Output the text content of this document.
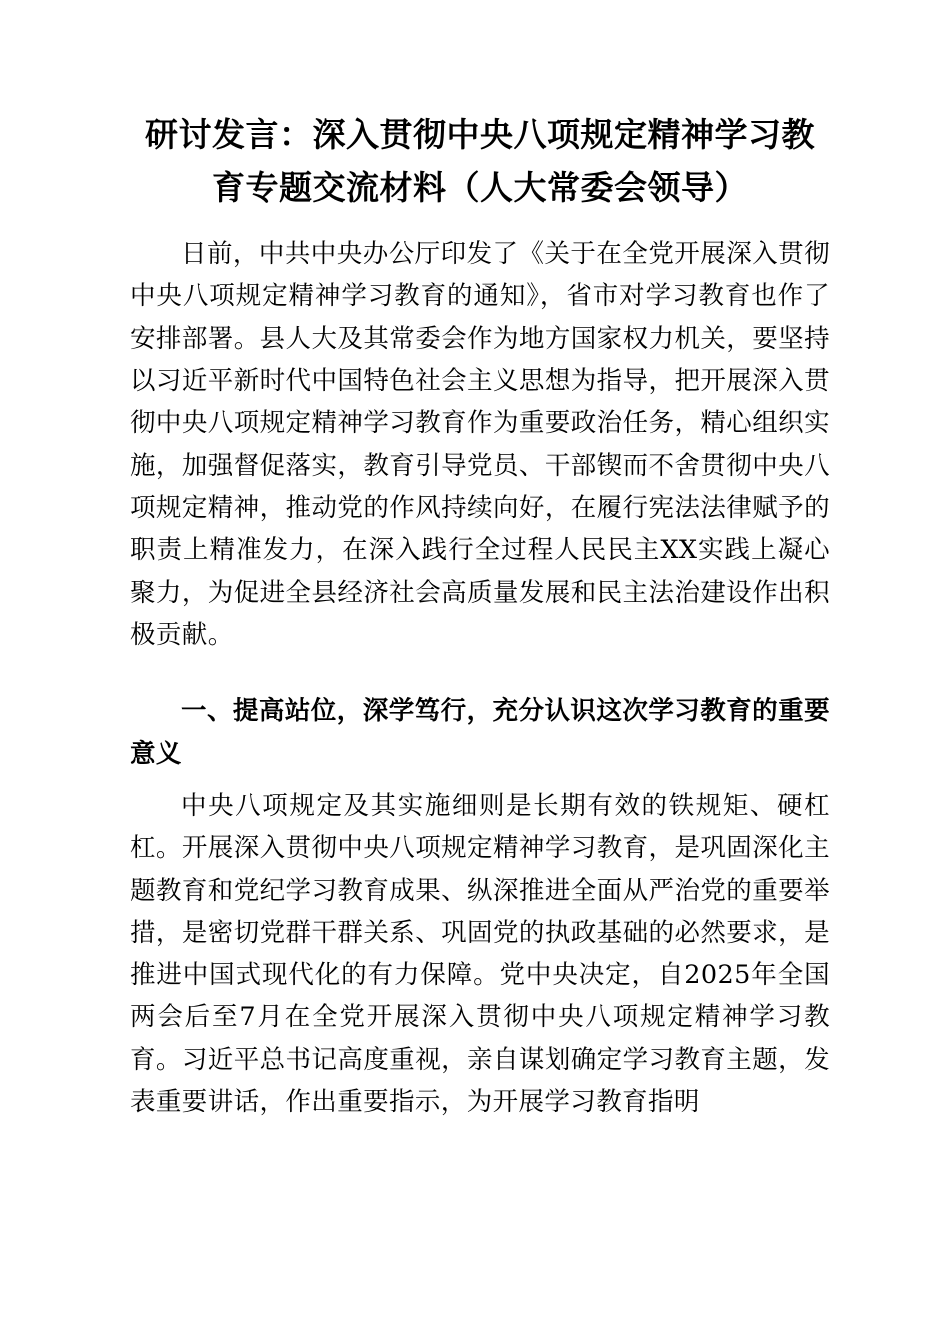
研讨发言：深入贯彻中央八项规定精神学习教育专题交流材料（人大常委会领导）

日前，中共中央办公厅印发了《关于在全党开展深入贯彻中央八项规定精神学习教育的通知》，省市对学习教育也作了安排部署。县人大及其常委会作为地方国家权力机关，要坚持以习近平新时代中国特色社会主义思想为指导，把开展深入贯彻中央八项规定精神学习教育作为重要政治任务，精心组织实施，加强督促落实，教育引导党员、干部锲而不舍贯彻中央八项规定精神，推动党的作风持续向好，在履行宪法法律赋予的职责上精准发力，在深入践行全过程人民民主XX实践上凝心聚力，为促进全县经济社会高质量发展和民主法治建设作出积极贡献。

一、提高站位，深学笃行，充分认识这次学习教育的重要意义

中央八项规定及其实施细则是长期有效的铁规矩、硬杠杠。开展深入贯彻中央八项规定精神学习教育，是巩固深化主题教育和党纪学习教育成果、纵深推进全面从严治党的重要举措，是密切党群干群关系、巩固党的执政基础的必然要求，是推进中国式现代化的有力保障。党中央决定，自2025年全国两会后至7月在全党开展深入贯彻中央八项规定精神学习教育。习近平总书记高度重视，亲自谋划确定学习教育主题，发表重要讲话，作出重要指示，为开展学习教育指明
